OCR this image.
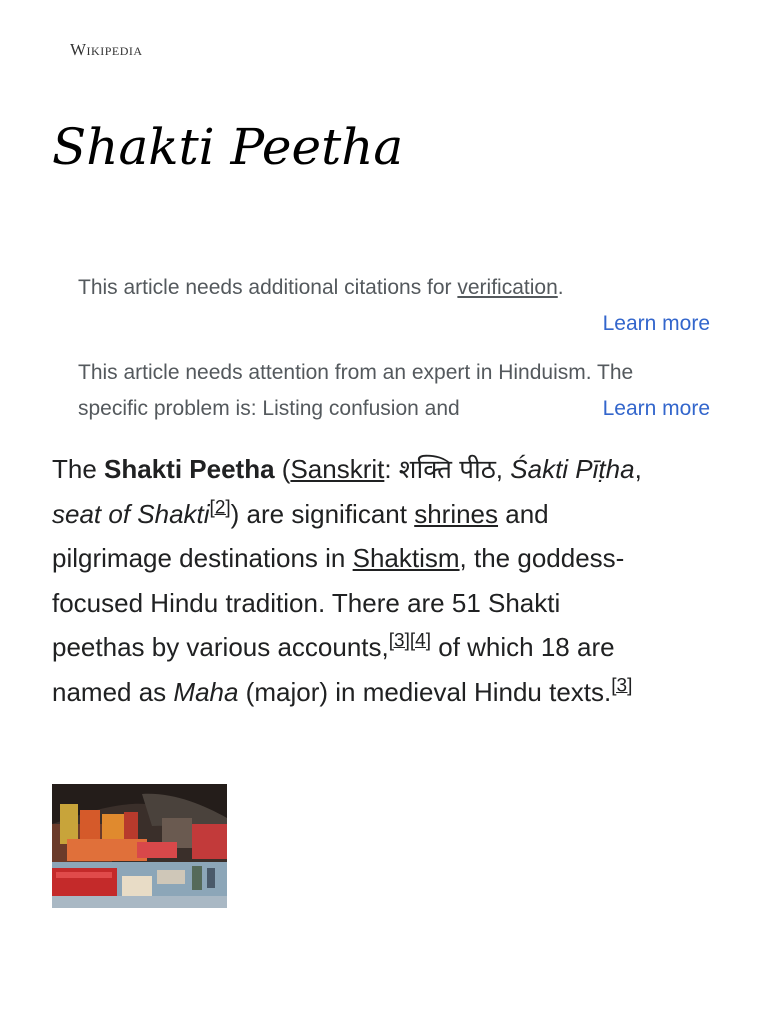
Wikipedia
Shakti Peetha
This article needs additional citations for verification.
Learn more
This article needs attention from an expert in Hinduism. The
specific problem is: Listing confusion and	Learn more

The Shakti Peetha (Sanskrit: शक्ति पीठ, Śakti Pīṭha,
seat of Shakti[2]) are significant shrines and
pilgrimage destinations in Shaktism, the goddess-
focused Hindu tradition. There are 51 Shakti
peethas by various accounts,[3][4] of which 18 are
named as Maha (major) in medieval Hindu texts.[3]
